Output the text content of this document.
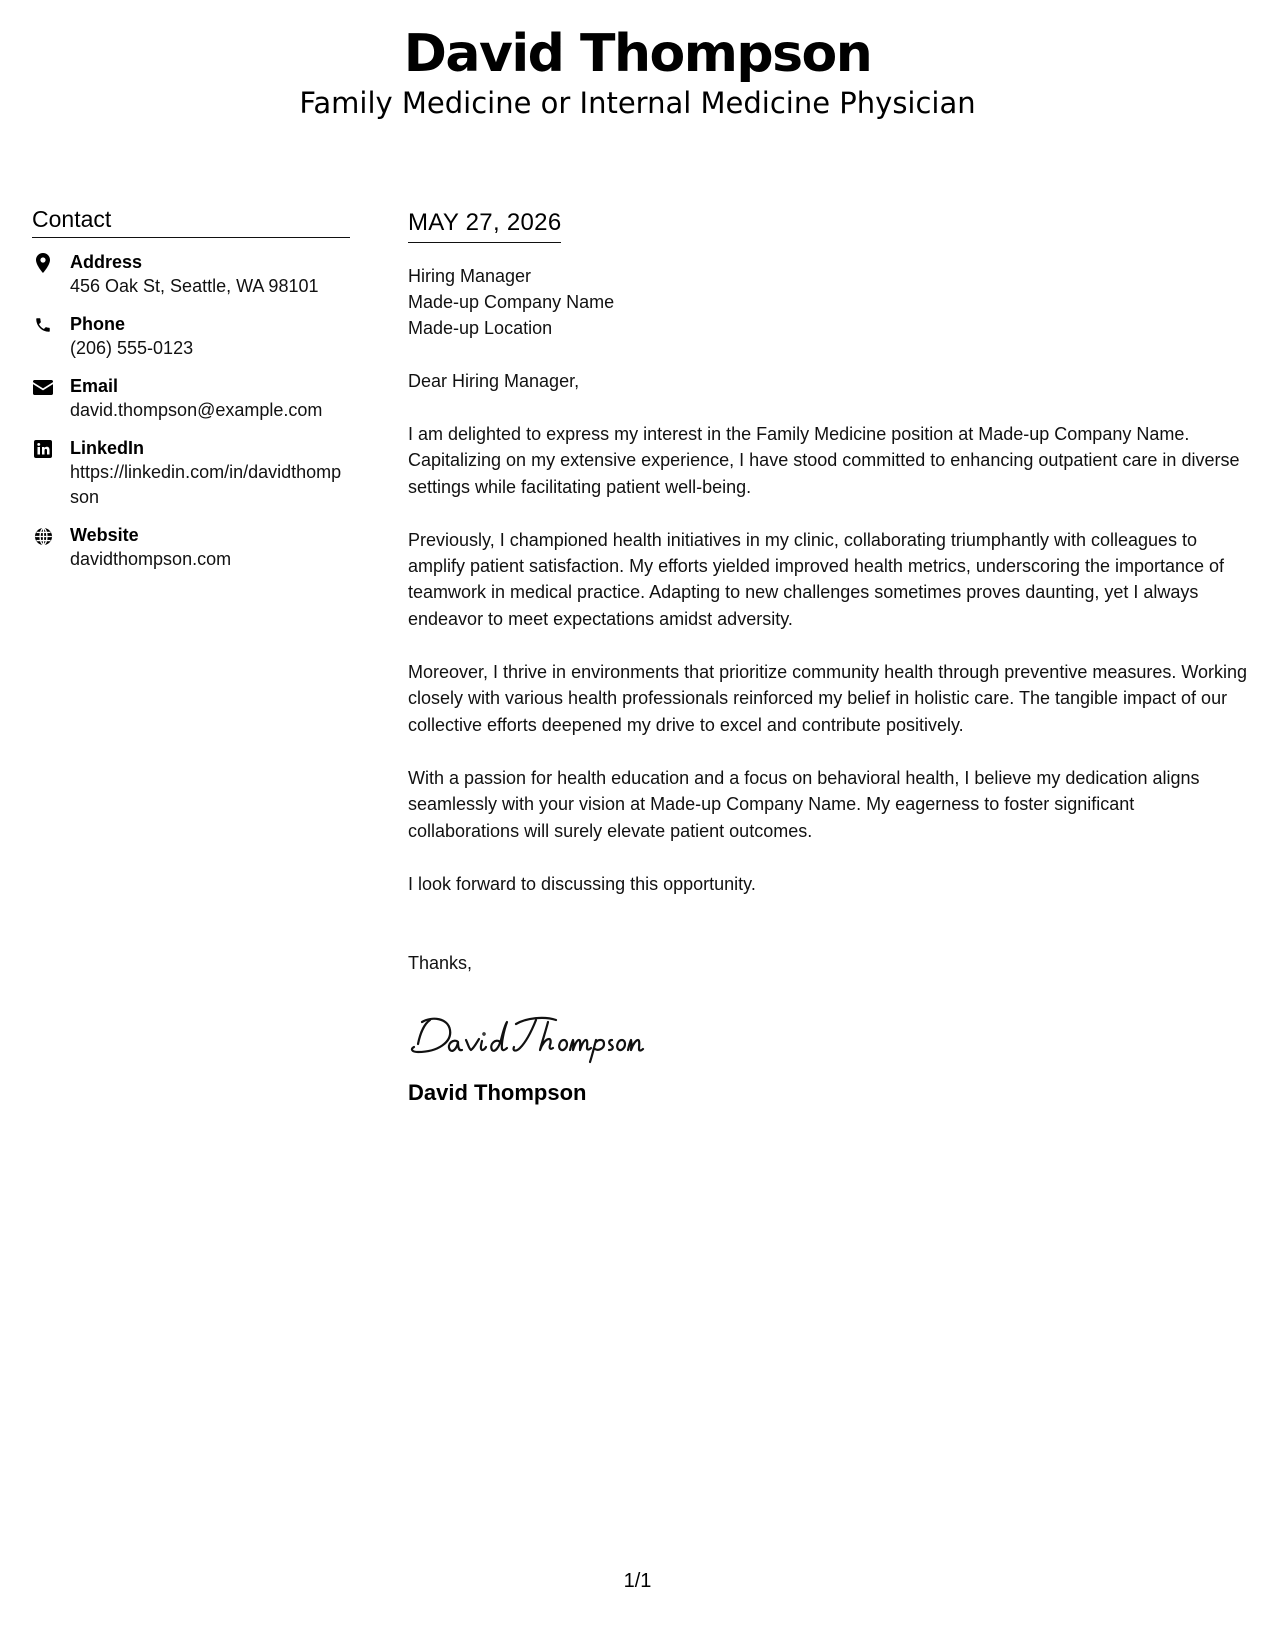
David Thompson
Family Medicine or Internal Medicine Physician
Contact
Address
456 Oak St, Seattle, WA 98101
Phone
(206) 555-0123
Email
david.thompson@example.com
LinkedIn
https://linkedin.com/in/davidthompson
Website
davidthompson.com
MAY 27, 2026
Hiring Manager
Made-up Company Name
Made-up Location
Dear Hiring Manager,
I am delighted to express my interest in the Family Medicine position at Made-up Company Name. Capitalizing on my extensive experience, I have stood committed to enhancing outpatient care in diverse settings while facilitating patient well-being.
Previously, I championed health initiatives in my clinic, collaborating triumphantly with colleagues to amplify patient satisfaction. My efforts yielded improved health metrics, underscoring the importance of teamwork in medical practice. Adapting to new challenges sometimes proves daunting, yet I always endeavor to meet expectations amidst adversity.
Moreover, I thrive in environments that prioritize community health through preventive measures. Working closely with various health professionals reinforced my belief in holistic care. The tangible impact of our collective efforts deepened my drive to excel and contribute positively.
With a passion for health education and a focus on behavioral health, I believe my dedication aligns seamlessly with your vision at Made-up Company Name. My eagerness to foster significant collaborations will surely elevate patient outcomes.
I look forward to discussing this opportunity.
Thanks,
David Thompson
1/1
